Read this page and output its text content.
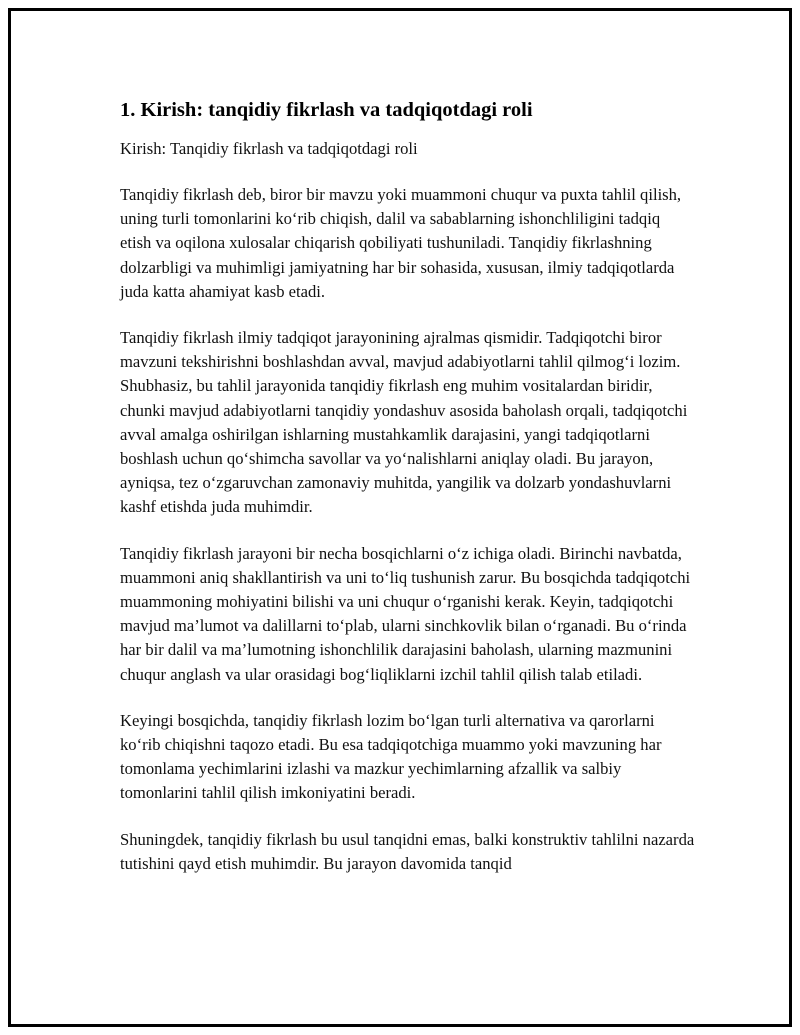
1. Kirish: tanqidiy fikrlash va tadqiqotdagi roli

Kirish: Tanqidiy fikrlash va tadqiqotdagi roli

Tanqidiy fikrlash deb, biror bir mavzu yoki muammoni chuqur va puxta tahlil qilish, uning turli tomonlarini ko‘rib chiqish, dalil va sabablarning ishonchliligini tadqiq etish va oqilona xulosalar chiqarish qobiliyati tushuniladi. Tanqidiy fikrlashning dolzarbligi va muhimligi jamiyatning har bir sohasida, xususan, ilmiy tadqiqotlarda juda katta ahamiyat kasb etadi.

Tanqidiy fikrlash ilmiy tadqiqot jarayonining ajralmas qismidir. Tadqiqotchi biror mavzuni tekshirishni boshlashdan avval, mavjud adabiyotlarni tahlil qilmog‘i lozim. Shubhasiz, bu tahlil jarayonida tanqidiy fikrlash eng muhim vositalardan biridir, chunki mavjud adabiyotlarni tanqidiy yondashuv asosida baholash orqali, tadqiqotchi avval amalga oshirilgan ishlarning mustahkamlik darajasini, yangi tadqiqotlarni boshlash uchun qo‘shimcha savollar va yo‘nalishlarni aniqlay oladi. Bu jarayon, ayniqsa, tez o‘zgaruvchan zamonaviy muhitda, yangilik va dolzarb yondashuvlarni kashf etishda juda muhimdir.

Tanqidiy fikrlash jarayoni bir necha bosqichlarni o‘z ichiga oladi. Birinchi navbatda, muammoni aniq shakllantirish va uni to‘liq tushunish zarur. Bu bosqichda tadqiqotchi muammoning mohiyatini bilishi va uni chuqur o‘rganishi kerak. Keyin, tadqiqotchi mavjud ma’lumot va dalillarni to‘plab, ularni sinchkovlik bilan o‘rganadi. Bu o‘rinda har bir dalil va ma’lumotning ishonchlilik darajasini baholash, ularning mazmunini chuqur anglash va ular orasidagi bog‘liqliklarni izchil tahlil qilish talab etiladi.

Keyingi bosqichda, tanqidiy fikrlash lozim bo‘lgan turli alternativa va qarorlarni ko‘rib chiqishni taqozo etadi. Bu esa tadqiqotchiga muammo yoki mavzuning har tomonlama yechimlarini izlashi va mazkur yechimlarning afzallik va salbiy tomonlarini tahlil qilish imkoniyatini beradi.

Shuningdek, tanqidiy fikrlash bu usul tanqidni emas, balki konstruktiv tahlilni nazarda tutishini qayd etish muhimdir. Bu jarayon davomida tanqid
